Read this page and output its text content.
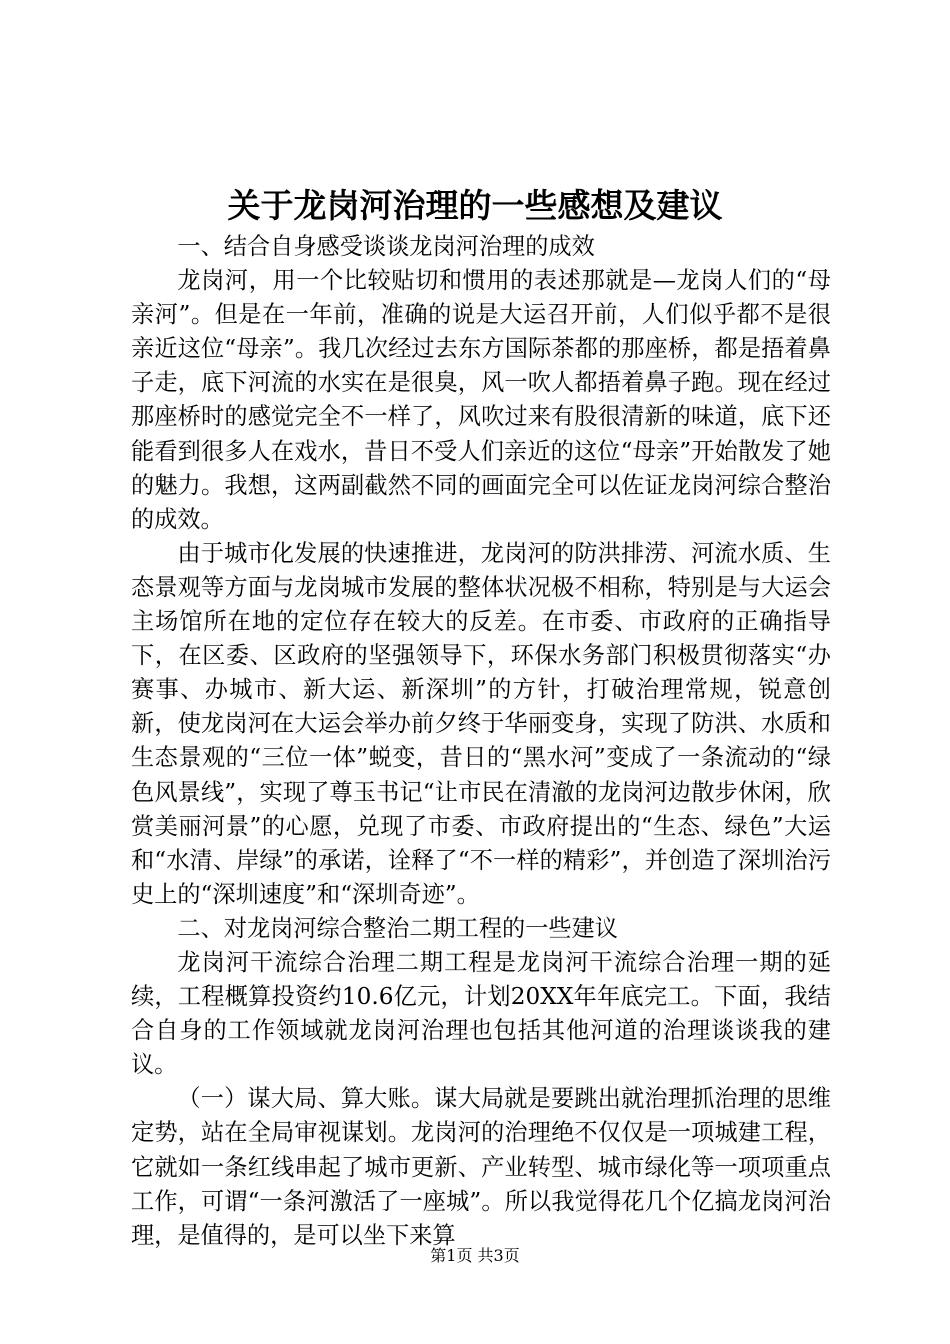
关于龙岗河治理的一些感想及建议

一、结合自身感受谈谈龙岗河治理的成效

龙岗河，用一个比较贴切和惯用的表述那就是—龙岗人们的“母亲河”。但是在一年前，准确的说是大运召开前，人们似乎都不是很亲近这位“母亲”。我几次经过去东方国际茶都的那座桥，都是捂着鼻子走，底下河流的水实在是很臭，风一吹人都捂着鼻子跑。现在经过那座桥时的感觉完全不一样了，风吹过来有股很清新的味道，底下还能看到很多人在戏水，昔日不受人们亲近的这位“母亲”开始散发了她的魅力。我想，这两副截然不同的画面完全可以佐证龙岗河综合整治的成效。

由于城市化发展的快速推进，龙岗河的防洪排涝、河流水质、生态景观等方面与龙岗城市发展的整体状况极不相称，特别是与大运会主场馆所在地的定位存在较大的反差。在市委、市政府的正确指导下，在区委、区政府的坚强领导下，环保水务部门积极贯彻落实“办赛事、办城市、新大运、新深圳”的方针，打破治理常规，锐意创新，使龙岗河在大运会举办前夕终于华丽变身，实现了防洪、水质和生态景观的“三位一体”蜕变，昔日的“黑水河”变成了一条流动的“绿色风景线”，实现了尊玉书记“让市民在清澈的龙岗河边散步休闲，欣赏美丽河景”的心愿，兑现了市委、市政府提出的“生态、绿色”大运和“水清、岸绿”的承诺，诠释了“不一样的精彩”，并创造了深圳治污史上的“深圳速度”和“深圳奇迹”。

二、对龙岗河综合整治二期工程的一些建议

龙岗河干流综合治理二期工程是龙岗河干流综合治理一期的延续，工程概算投资约10.6亿元，计划20XX年年底完工。下面，我结合自身的工作领域就龙岗河治理也包括其他河道的治理谈谈我的建议。

（一）谋大局、算大账。谋大局就是要跳出就治理抓治理的思维定势，站在全局审视谋划。龙岗河的治理绝不仅仅是一项城建工程，它就如一条红线串起了城市更新、产业转型、城市绿化等一项项重点工作，可谓“一条河激活了一座城”。所以我觉得花几个亿搞龙岗河治理，是值得的，是可以坐下来算

第1页 共3页
